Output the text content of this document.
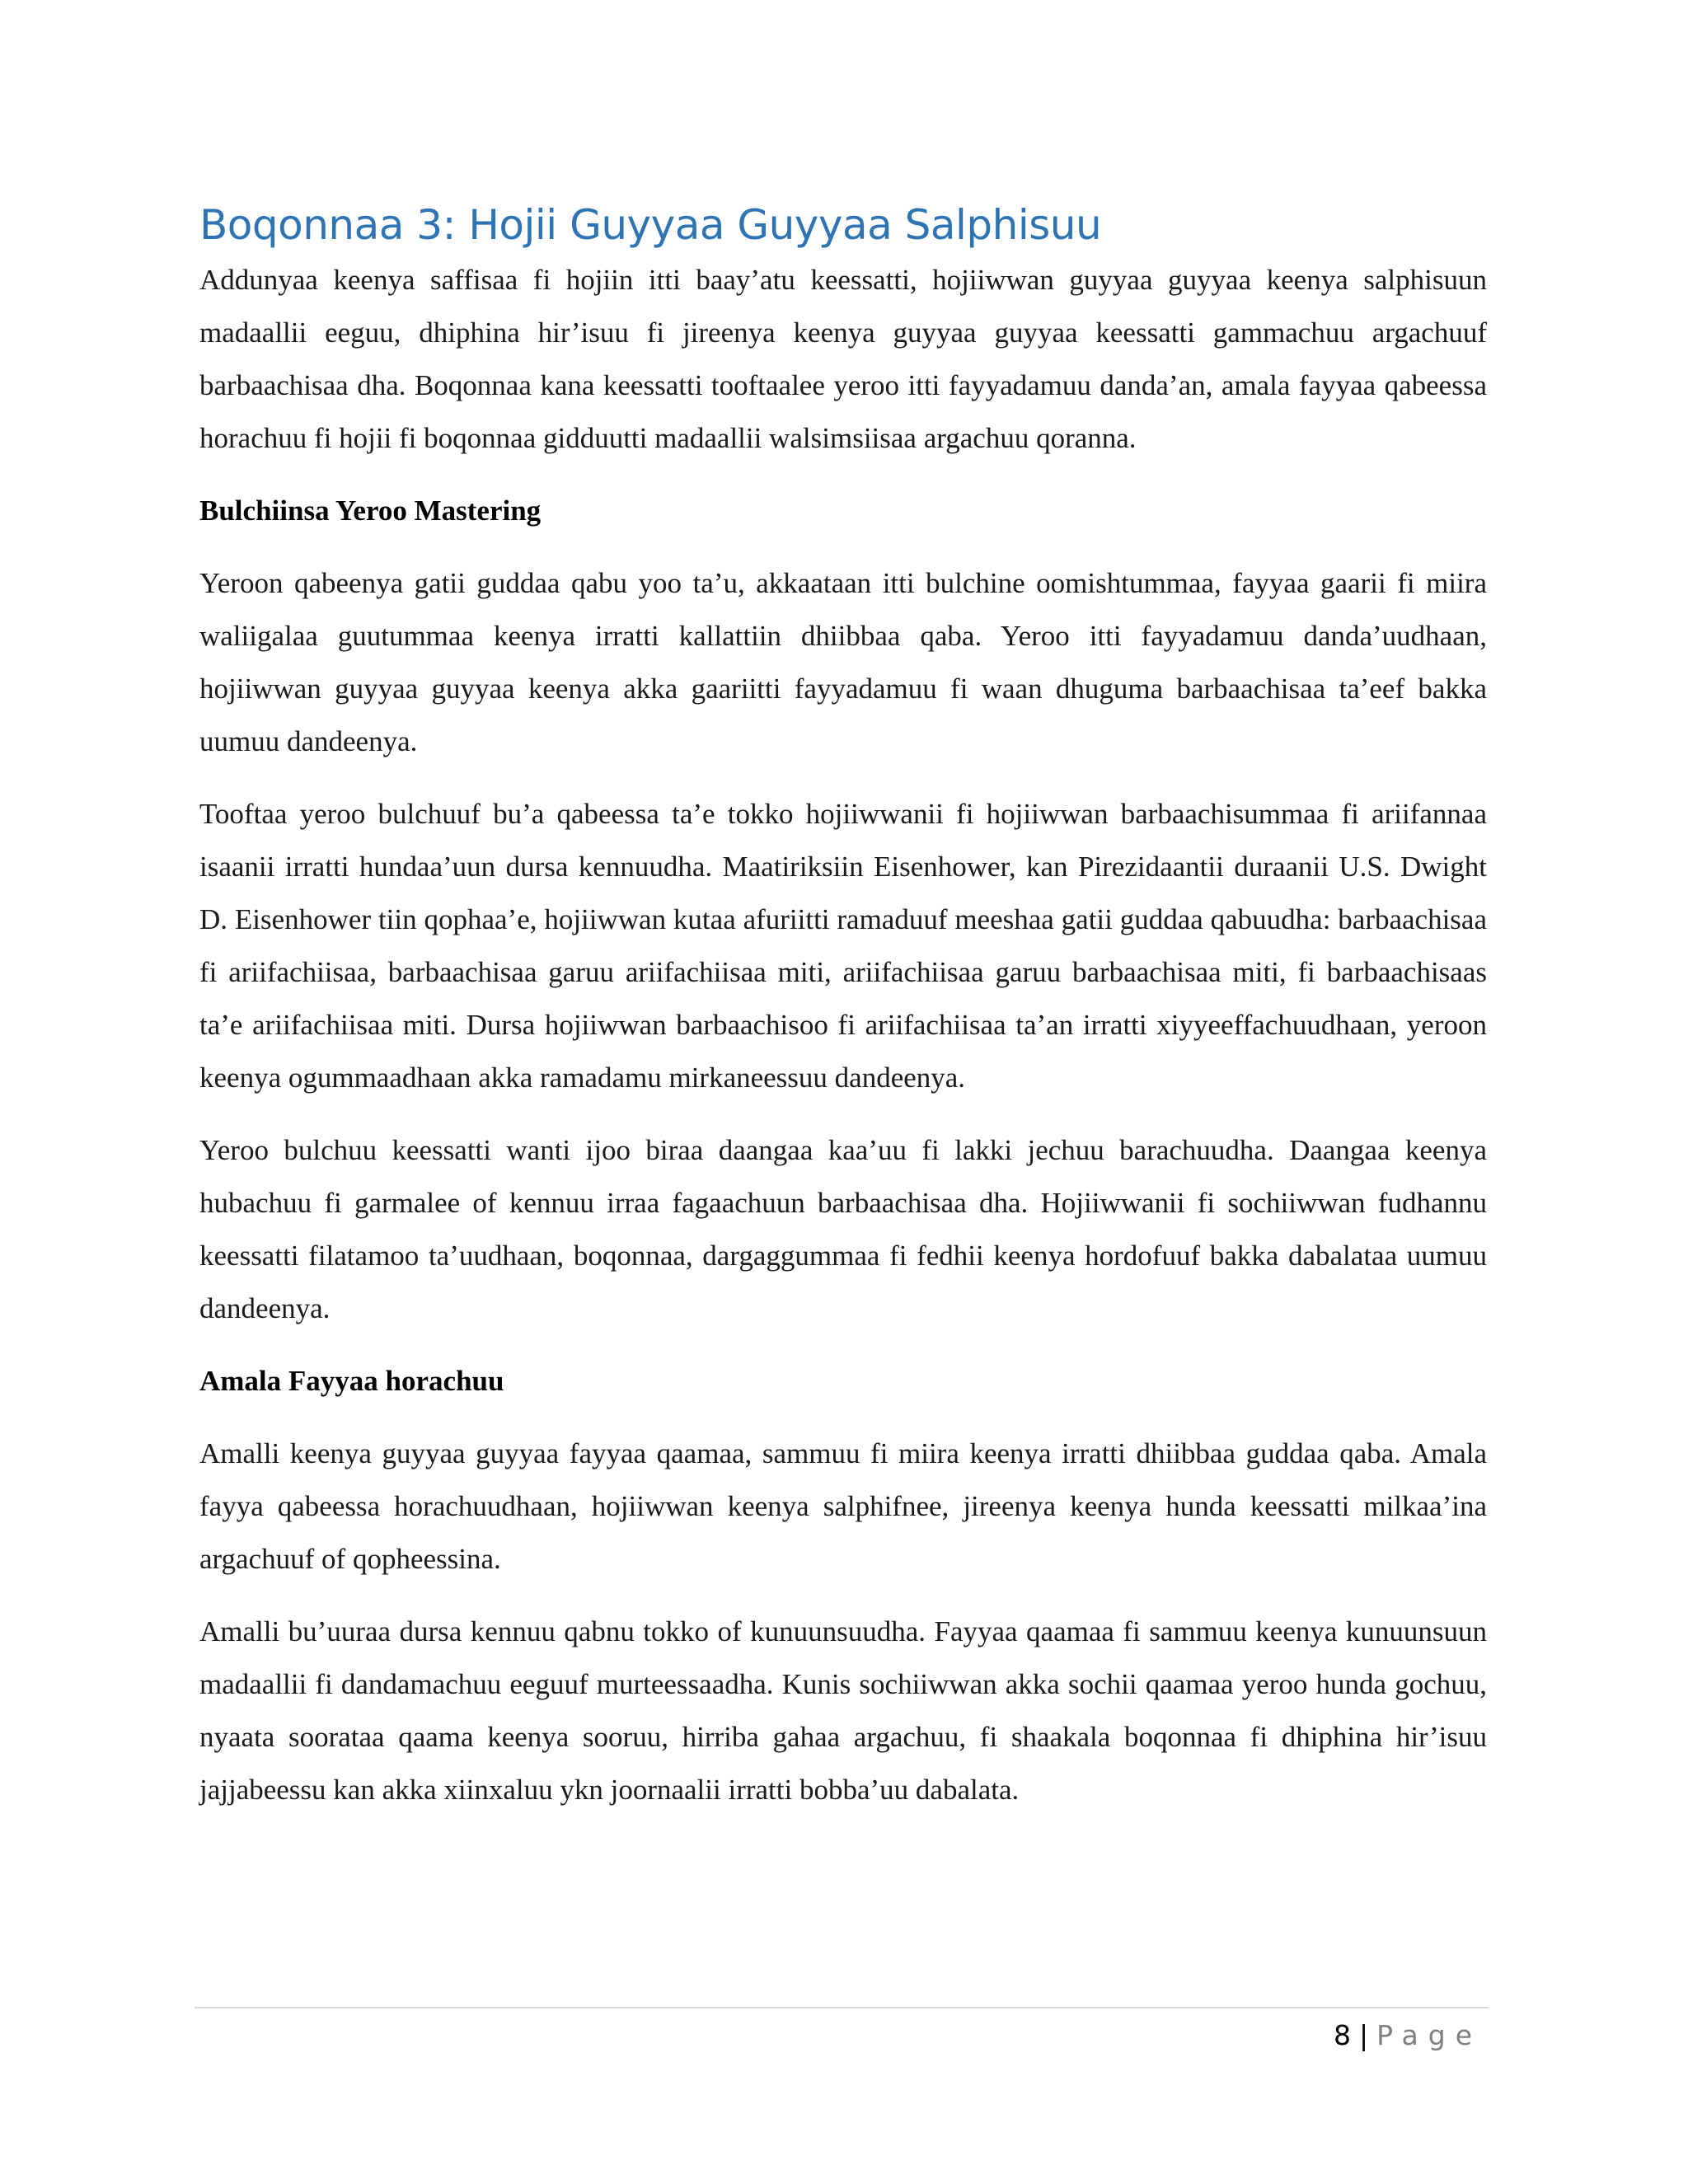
Boqonnaa 3: Hojii Guyyaa Guyyaa Salphisuu

Addunyaa keenya saffisaa fi hojiin itti baay’atu keessatti, hojiiwwan guyyaa guyyaa keenya salphisuun madaallii eeguu, dhiphina hir’isuu fi jireenya keenya guyyaa guyyaa keessatti gammachuu argachuuf barbaachisaa dha. Boqonnaa kana keessatti tooftaalee yeroo itti fayyadamuu danda’an, amala fayyaa qabeessa horachuu fi hojii fi boqonnaa gidduutti madaallii walsimsiisaa argachuu qoranna.

Bulchiinsa Yeroo Mastering

Yeroon qabeenya gatii guddaa qabu yoo ta’u, akkaataan itti bulchine oomishtummaa, fayyaa gaarii fi miira waliigalaa guutummaa keenya irratti kallattiin dhiibbaa qaba. Yeroo itti fayyadamuu danda’uudhaan, hojiiwwan guyyaa guyyaa keenya akka gaariitti fayyadamuu fi waan dhuguma barbaachisaa ta’eef bakka uumuu dandeenya.

Tooftaa yeroo bulchuuf bu’a qabeessa ta’e tokko hojiiwwanii fi hojiiwwan barbaachisummaa fi ariifannaa isaanii irratti hundaa’uun dursa kennuudha. Maatiriksiin Eisenhower, kan Pirezidaantii duraanii U.S. Dwight D. Eisenhower tiin qophaa’e, hojiiwwan kutaa afuriitti ramaduuf meeshaa gatii guddaa qabuudha: barbaachisaa fi ariifachiisaa, barbaachisaa garuu ariifachiisaa miti, ariifachiisaa garuu barbaachisaa miti, fi barbaachisaas ta’e ariifachiisaa miti. Dursa hojiiwwan barbaachisoo fi ariifachiisaa ta’an irratti xiyyeeffachuudhaan, yeroon keenya ogummaadhaan akka ramadamu mirkaneessuu dandeenya.

Yeroo bulchuu keessatti wanti ijoo biraa daangaa kaa’uu fi lakki jechuu barachuudha. Daangaa keenya hubachuu fi garmalee of kennuu irraa fagaachuun barbaachisaa dha. Hojiiwwanii fi sochiiwwan fudhannu keessatti filatamoo ta’uudhaan, boqonnaa, dargaggummaa fi fedhii keenya hordofuuf bakka dabalataa uumuu dandeenya.

Amala Fayyaa horachuu

Amalli keenya guyyaa guyyaa fayyaa qaamaa, sammuu fi miira keenya irratti dhiibbaa guddaa qaba. Amala fayya qabeessa horachuudhaan, hojiiwwan keenya salphifnee, jireenya keenya hunda keessatti milkaa’ina argachuuf of qopheessina.

Amalli bu’uuraa dursa kennuu qabnu tokko of kunuunsuudha. Fayyaa qaamaa fi sammuu keenya kunuunsuun madaallii fi dandamachuu eeguuf murteessaadha. Kunis sochiiwwan akka sochii qaamaa yeroo hunda gochuu, nyaata soorataa qaama keenya sooruu, hirriba gahaa argachuu, fi shaakala boqonnaa fi dhiphina hir’isuu jajjabeessu kan akka xiinxaluu ykn joornaalii irratti bobba’uu dabalata.

8 | Page
